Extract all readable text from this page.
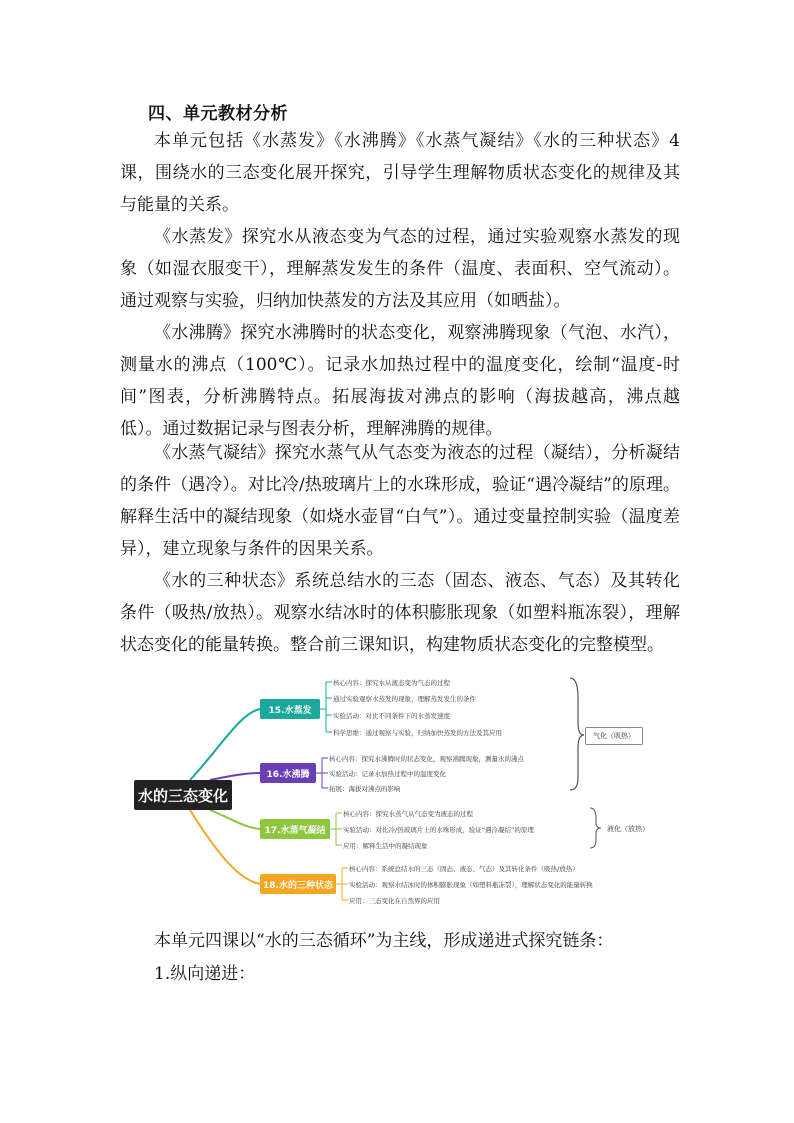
四、单元教材分析

本单元包括《水蒸发》《水沸腾》《水蒸气凝结》《水的三种状态》4课，围绕水的三态变化展开探究，引导学生理解物质状态变化的规律及其与能量的关系。

《水蒸发》探究水从液态变为气态的过程，通过实验观察水蒸发的现象（如湿衣服变干），理解蒸发发生的条件（温度、表面积、空气流动）。通过观察与实验，归纳加快蒸发的方法及其应用（如晒盐）。

《水沸腾》探究水沸腾时的状态变化，观察沸腾现象（气泡、水汽），测量水的沸点（100℃）。记录水加热过程中的温度变化，绘制“温度-时间”图表，分析沸腾特点。拓展海拔对沸点的影响（海拔越高，沸点越低）。通过数据记录与图表分析，理解沸腾的规律。

《水蒸气凝结》探究水蒸气从气态变为液态的过程（凝结），分析凝结的条件（遇冷）。对比冷/热玻璃片上的水珠形成，验证“遇冷凝结”的原理。解释生活中的凝结现象（如烧水壶冒“白气”）。通过变量控制实验（温度差异），建立现象与条件的因果关系。

《水的三种状态》系统总结水的三态（固态、液态、气态）及其转化条件（吸热/放热）。观察水结冰时的体积膨胀现象（如塑料瓶冻裂），理解状态变化的能量转换。整合前三课知识，构建物质状态变化的完整模型。

水的三态变化
15.水蒸发
16.水沸腾
17.水蒸气凝结
18.水的三种状态
核心内容：探究水从液态变为气态的过程
通过实验观察水蒸发的现象，理解蒸发发生的条件
实验活动：对比不同条件下的水蒸发速度
科学思维：通过观察与实验，归纳加快蒸发的方法及其应用
核心内容：探究水沸腾时的状态变化，观察沸腾现象，测量水的沸点
实验活动：记录水加热过程中的温度变化
拓展：海拔对沸点的影响
核心内容：探究水蒸气从气态变为液态的过程
实验活动：对比冷/热玻璃片上的水珠形成，验证“遇冷凝结”的原理
应用：解释生活中的凝结现象
核心内容：系统总结水的三态（固态、液态、气态）及其转化条件（吸热/放热）
实验活动：观察水结冰时的体积膨胀现象（如塑料瓶冻裂），理解状态变化的能量转换
应用：三态变化在自然界的应用
气化（吸热）
液化（放热）

本单元四课以“水的三态循环”为主线，形成递进式探究链条：

1.纵向递进：
